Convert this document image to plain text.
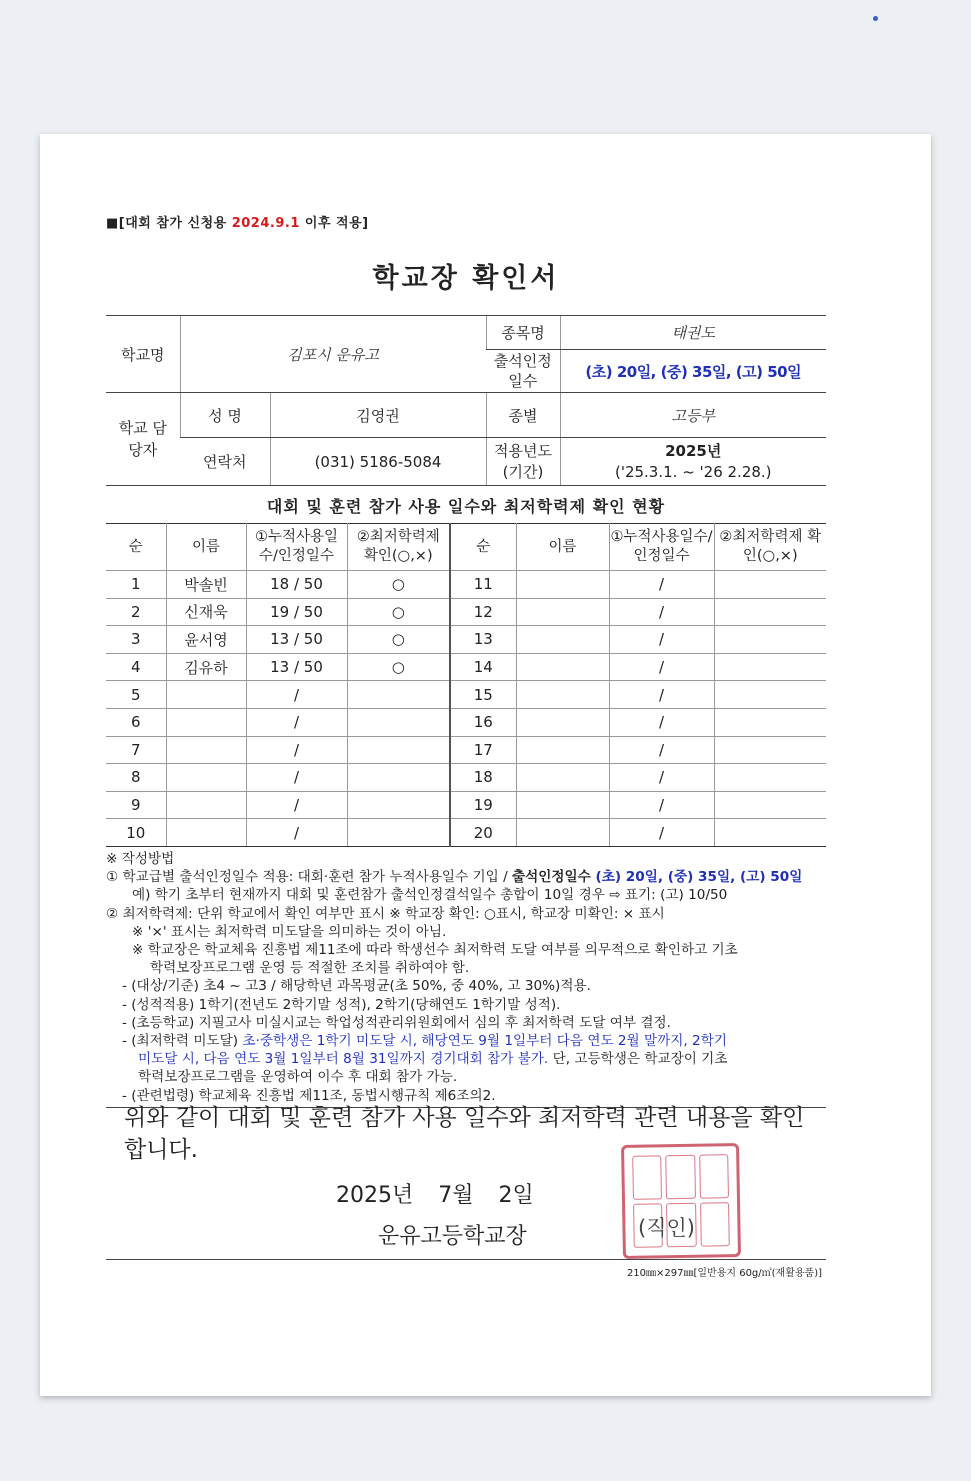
■[대회 참가 신청용 2024.9.1 이후 적용]
학교장 확인서
학교명	김포시 운유고		종목명	태권도
			출석인정 일수	(초) 20일, (중) 35일, (고) 50일
학교 담당자	성 명	김영권	종별	고등부
	연락처	(031) 5186-5084	적용년도 (기간)	2025년
('25.3.1. ~ '26 2.28.)
대회 및 훈련 참가 사용 일수와 최저학력제 확인 현황
순	이름	①누적사용일수/인정일수	②최저학력제 확인(○,×)	순	이름	①누적사용일수/인정일수	②최저학력제 확인(○,×)
1	박솔빈	18 / 50	○	11		/	
2	신재욱	19 / 50	○	12		/	
3	윤서영	13 / 50	○	13		/	
4	김유하	13 / 50	○	14		/	
5		/		15		/	
6		/		16		/	
7		/		17		/	
8		/		18		/	
9		/		19		/	
10		/		20		/	
※ 작성방법
① 학교급별 출석인정일수 적용: 대회·훈련 참가 누적사용일수 기입 / 출석인정일수 (초) 20일, (중) 35일, (고) 50일
예) 학기 초부터 현재까지 대회 및 훈련참가 출석인정결석일수 총합이 10일 경우 ⇨ 표기: (고) 10/50
② 최저학력제: 단위 학교에서 확인 여부만 표시 ※ 학교장 확인: ○표시, 학교장 미확인: × 표시
※ '×' 표시는 최저학력 미도달을 의미하는 것이 아님.
※ 학교장은 학교체육 진흥법 제11조에 따라 학생선수 최저학력 도달 여부를 의무적으로 확인하고 기초
학력보장프로그램 운영 등 적절한 조치를 취하여야 함.
- (대상/기준) 초4 ~ 고3 / 해당학년 과목평균(초 50%, 중 40%, 고 30%)적용.
- (성적적용) 1학기(전년도 2학기말 성적), 2학기(당해연도 1학기말 성적).
- (초등학교) 지필고사 미실시교는 학업성적관리위원회에서 심의 후 최저학력 도달 여부 결정.
- (최저학력 미도달) 초·중학생은 1학기 미도달 시, 해당연도 9월 1일부터 다음 연도 2월 말까지, 2학기
미도달 시, 다음 연도 3월 1일부터 8월 31일까지 경기대회 참가 불가. 단, 고등학생은 학교장이 기초
학력보장프로그램을 운영하여 이수 후 대회 참가 가능.
- (관련법령) 학교체육 진흥법 제11조, 동법시행규칙 제6조의2.
위와 같이 대회 및 훈련 참가 사용 일수와 최저학력 관련 내용을 확인합니다.
2025년 7월 2일
운유고등학교장	(직인)
210㎜×297㎜[일반용지 60g/㎡(재활용품)]
